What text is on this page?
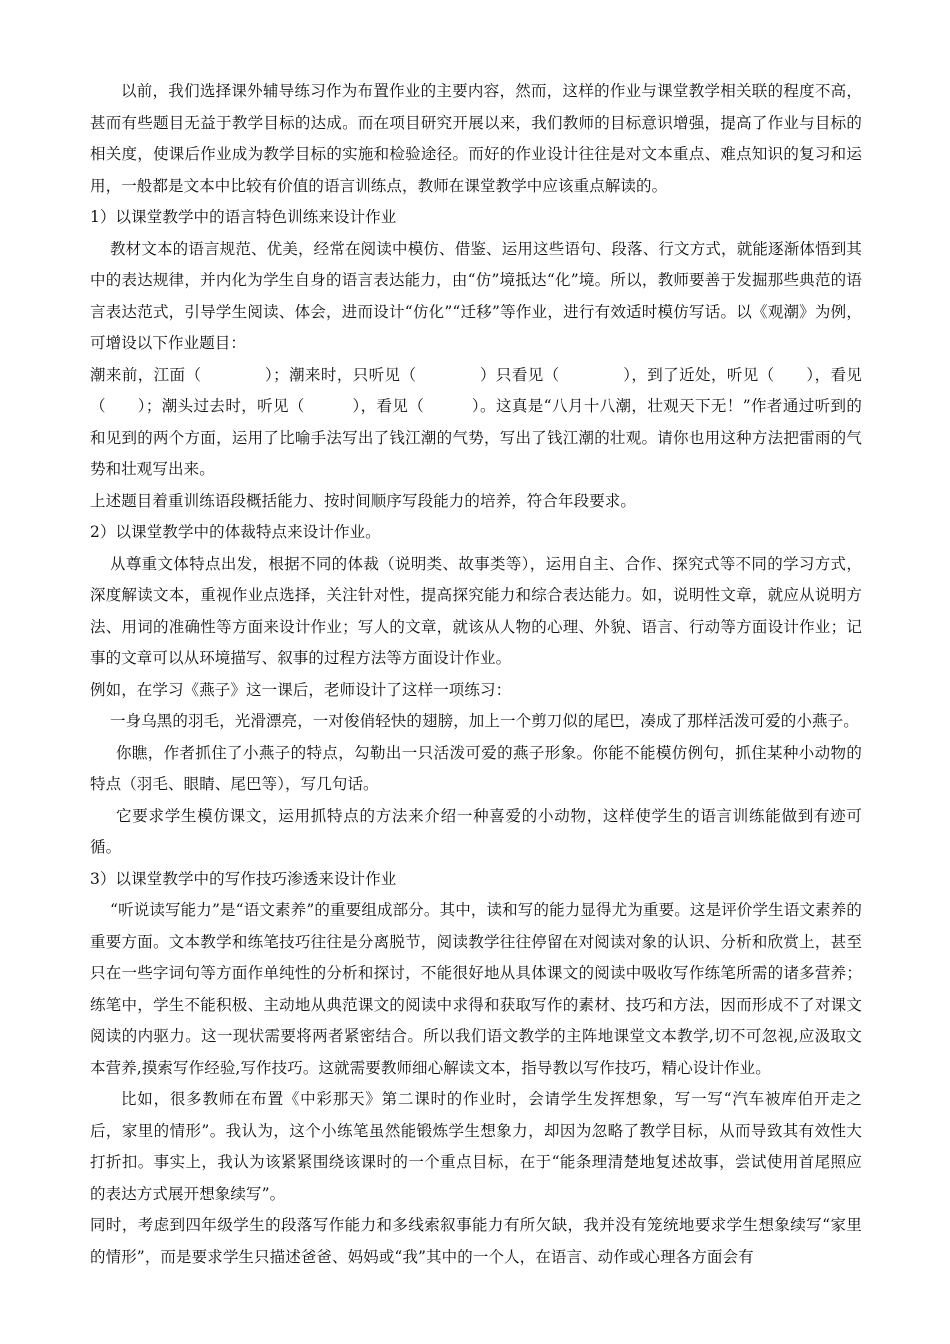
以前，我们选择课外辅导练习作为布置作业的主要内容，然而，这样的作业与课堂教学相关联的程度不高，甚而有些题目无益于教学目标的达成。而在项目研究开展以来，我们教师的目标意识增强，提高了作业与目标的相关度，使课后作业成为教学目标的实施和检验途径。而好的作业设计往往是对文本重点、难点知识的复习和运用，一般都是文本中比较有价值的语言训练点，教师在课堂教学中应该重点解读的。

1）以课堂教学中的语言特色训练来设计作业

教材文本的语言规范、优美，经常在阅读中模仿、借鉴、运用这些语句、段落、行文方式，就能逐渐体悟到其中的表达规律，并内化为学生自身的语言表达能力，由“仿”境抵达“化”境。所以，教师要善于发掘那些典范的语言表达范式，引导学生阅读、体会，进而设计“仿化”“迁移”等作业，进行有效适时模仿写话。以《观潮》为例，可增设以下作业题目：

潮来前，江面（　　　　）；潮来时，只听见（　　　　）只看见（　　　　），到了近处，听见（　　），看见（　　）；潮头过去时，听见（　　　），看见（　　　）。这真是“八月十八潮，壮观天下无！”作者通过听到的和见到的两个方面，运用了比喻手法写出了钱江潮的气势，写出了钱江潮的壮观。请你也用这种方法把雷雨的气势和壮观写出来。

上述题目着重训练语段概括能力、按时间顺序写段能力的培养，符合年段要求。

2）以课堂教学中的体裁特点来设计作业。

从尊重文体特点出发，根据不同的体裁（说明类、故事类等），运用自主、合作、探究式等不同的学习方式，深度解读文本，重视作业点选择，关注针对性，提高探究能力和综合表达能力。如，说明性文章，就应从说明方法、用词的准确性等方面来设计作业；写人的文章，就该从人物的心理、外貌、语言、行动等方面设计作业；记事的文章可以从环境描写、叙事的过程方法等方面设计作业。

例如，在学习《燕子》这一课后，老师设计了这样一项练习：

一身乌黑的羽毛，光滑漂亮，一对俊俏轻快的翅膀，加上一个剪刀似的尾巴，凑成了那样活泼可爱的小燕子。

你瞧，作者抓住了小燕子的特点，勾勒出一只活泼可爱的燕子形象。你能不能模仿例句，抓住某种小动物的特点（羽毛、眼睛、尾巴等），写几句话。

它要求学生模仿课文，运用抓特点的方法来介绍一种喜爱的小动物，这样使学生的语言训练能做到有迹可循。

3）以课堂教学中的写作技巧渗透来设计作业

“听说读写能力”是“语文素养”的重要组成部分。其中，读和写的能力显得尤为重要。这是评价学生语文素养的重要方面。文本教学和练笔技巧往往是分离脱节，阅读教学往往停留在对阅读对象的认识、分析和欣赏上，甚至只在一些字词句等方面作单纯性的分析和探讨，不能很好地从具体课文的阅读中吸收写作练笔所需的诸多营养；练笔中，学生不能积极、主动地从典范课文的阅读中求得和获取写作的素材、技巧和方法，因而形成不了对课文阅读的内驱力。这一现状需要将两者紧密结合。所以我们语文教学的主阵地课堂文本教学,切不可忽视,应汲取文本营养,摸索写作经验,写作技巧。这就需要教师细心解读文本，指导教以写作技巧，精心设计作业。

比如，很多教师在布置《中彩那天》第二课时的作业时，会请学生发挥想象，写一写“汽车被库伯开走之后，家里的情形”。我认为，这个小练笔虽然能锻炼学生想象力，却因为忽略了教学目标，从而导致其有效性大打折扣。事实上，我认为该紧紧围绕该课时的一个重点目标，在于“能条理清楚地复述故事，尝试使用首尾照应的表达方式展开想象续写”。

同时，考虑到四年级学生的段落写作能力和多线索叙事能力有所欠缺，我并没有笼统地要求学生想象续写“家里的情形”，而是要求学生只描述爸爸、妈妈或“我”其中的一个人，在语言、动作或心理各方面会有
